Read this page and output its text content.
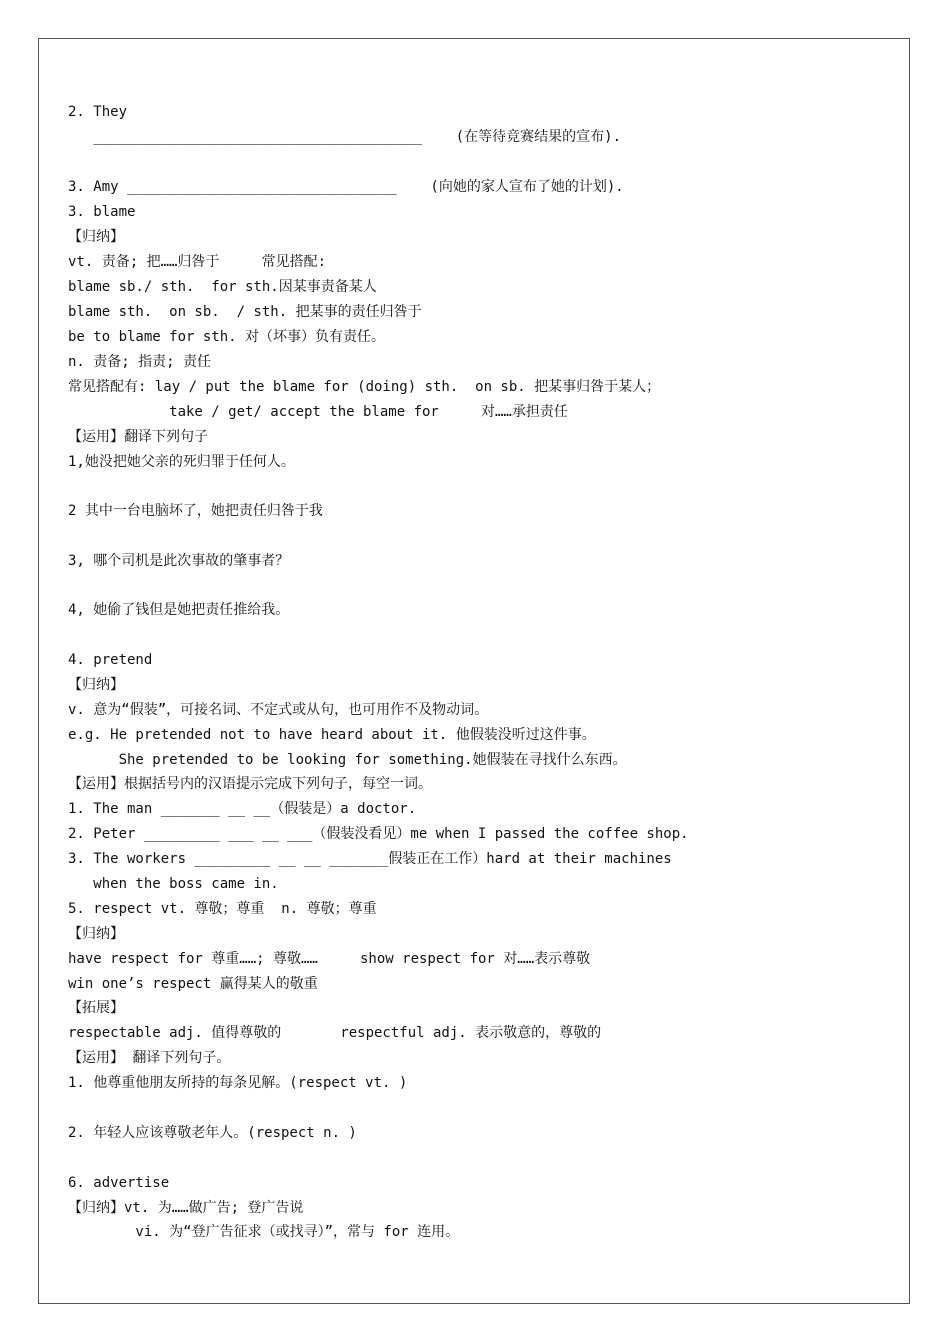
2. They
_______________________________________    (在等待竞赛结果的宣布).
3. Amy ________________________________    (向她的家人宣布了她的计划).
3. blame
【归纳】
vt. 责备; 把……归咎于     常见搭配:
blame sb./ sth.  for sth.因某事责备某人
blame sth.  on sb.  / sth. 把某事的责任归咎于
be to blame for sth. 对（坏事）负有责任。
n. 责备; 指责; 责任
常见搭配有: lay / put the blame for (doing) sth.  on sb. 把某事归咎于某人；
take / get/ accept the blame for     对……承担责任
【运用】翻译下列句子
1,她没把她父亲的死归罪于任何人。
2 其中一台电脑坏了，她把责任归咎于我
3, 哪个司机是此次事故的肇事者？
4, 她偷了钱但是她把责任推给我。
4. pretend
【归纳】
v. 意为“假装”，可接名词、不定式或从句，也可用作不及物动词。
e.g. He pretended not to have heard about it. 他假装没听过这件事。
She pretended to be looking for something.她假装在寻找什么东西。
【运用】根据括号内的汉语提示完成下列句子，每空一词。
1. The man _______ __ __（假装是）a doctor.
2. Peter _________ ___ __ ___（假装没看见）me when I passed the coffee shop.
3. The workers _________ __ __ _______假装正在工作）hard at their machines
when the boss came in.
5. respect vt. 尊敬；尊重  n. 尊敬；尊重
【归纳】
have respect for 尊重……; 尊敬……     show respect for 对……表示尊敬
win one’s respect 赢得某人的敬重
【拓展】
respectable adj. 值得尊敬的       respectful adj. 表示敬意的，尊敬的
【运用】 翻译下列句子。
1. 他尊重他朋友所持的每条见解。(respect vt. )
2. 年轻人应该尊敬老年人。(respect n. )
6. advertise
【归纳】vt. 为……做广告; 登广告说
vi. 为“登广告征求（或找寻）”，常与 for 连用。
